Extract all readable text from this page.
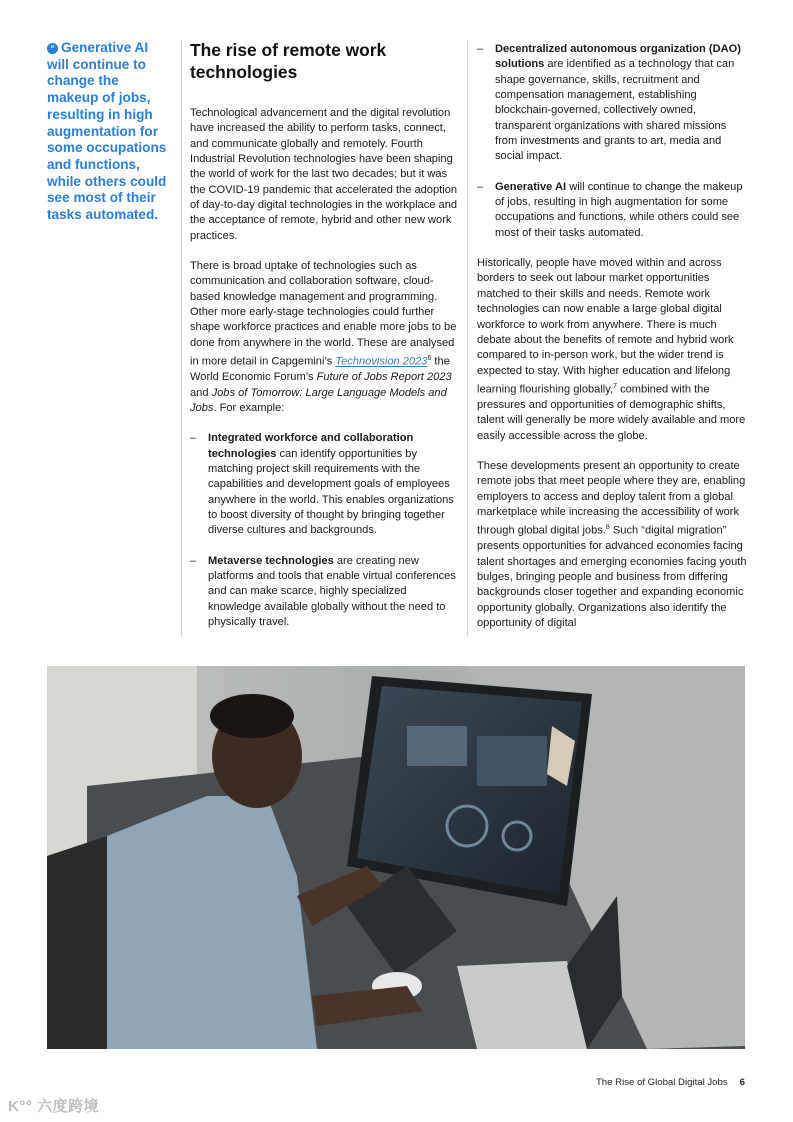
“ Generative AI will continue to change the makeup of jobs, resulting in high augmentation for some occupations and functions, while others could see most of their tasks automated.
The rise of remote work technologies

Technological advancement and the digital revolution have increased the ability to perform tasks, connect, and communicate globally and remotely. Fourth Industrial Revolution technologies have been shaping the world of work for the last two decades; but it was the COVID-19 pandemic that accelerated the adoption of day-to-day digital technologies in the workplace and the acceptance of remote, hybrid and other new work practices.

There is broad uptake of technologies such as communication and collaboration software, cloud-based knowledge management and programming. Other more early-stage technologies could further shape workforce practices and enable more jobs to be done from anywhere in the world. These are analysed in more detail in Capgemini’s Technovision 2023$^6$ the World Economic Forum’s Future of Jobs Report 2023 and Jobs of Tomorrow: Large Language Models and Jobs. For example:

– Integrated workforce and collaboration technologies can identify opportunities by matching project skill requirements with the capabilities and development goals of employees anywhere in the world. This enables organizations to boost diversity of thought by bringing together diverse cultures and backgrounds.
– Metaverse technologies are creating new platforms and tools that enable virtual conferences and can make scarce, highly specialized knowledge available globally without the need to physically travel.
– Decentralized autonomous organization (DAO) solutions are identified as a technology that can shape governance, skills, recruitment and compensation management, establishing blockchain-governed, collectively owned, transparent organizations with shared missions from investments and grants to art, media and social impact.
– Generative AI will continue to change the makeup of jobs, resulting in high augmentation for some occupations and functions, while others could see most of their tasks automated.

Historically, people have moved within and across borders to seek out labour market opportunities matched to their skills and needs. Remote work technologies can now enable a large global digital workforce to work from anywhere. There is much debate about the benefits of remote and hybrid work compared to in-person work, but the wider trend is expected to stay. With higher education and lifelong learning flourishing globally,$^7$ combined with the pressures and opportunities of demographic shifts, talent will generally be more widely available and more easily accessible across the globe.

These developments present an opportunity to create remote jobs that meet people where they are, enabling employers to access and deploy talent from a global marketplace while increasing the accessibility of work through global digital jobs.$^8$ Such “digital migration” presents opportunities for advanced economies facing talent shortages and emerging economies facing youth bulges, bringing people and business from differing backgrounds closer together and expanding economic opportunity globally. Organizations also identify the opportunity of digital

The Rise of Global Digital Jobs 6
K°° 六度跨境
